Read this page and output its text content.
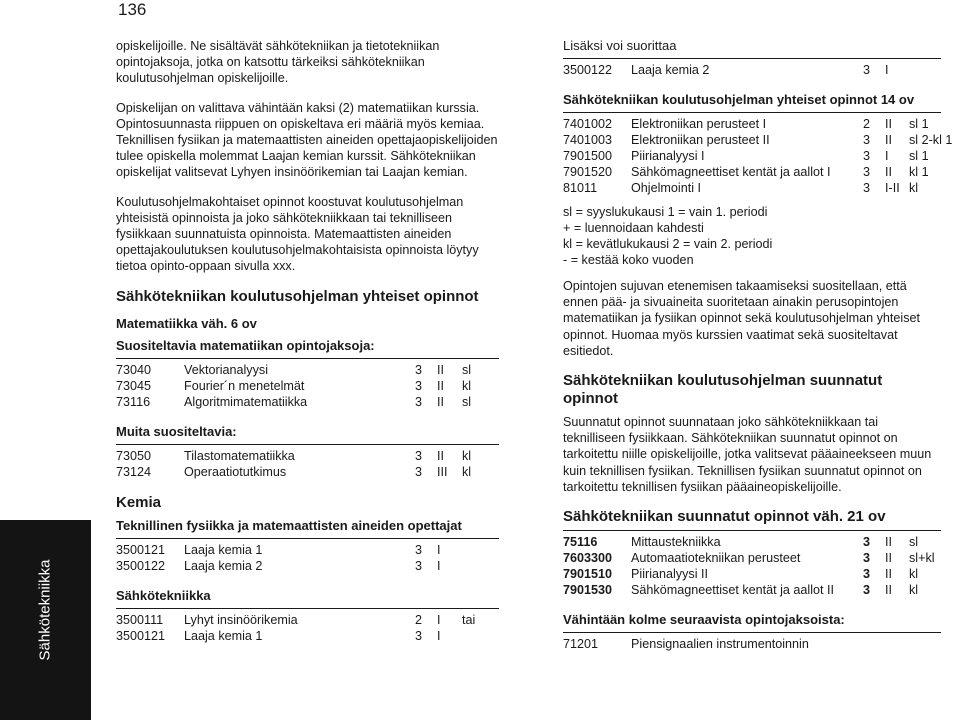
136
Sähkötekniikka

opiskelijoille. Ne sisältävät sähkötekniikan ja tietotekniikan opintojaksoja, jotka on katsottu tärkeiksi sähkötekniikan koulutusohjelman opiskelijoille.

Opiskelijan on valittava vähintään kaksi (2) matematiikan kurssia. Opintosuunnasta riippuen on opiskeltava eri määriä myös kemiaa. Teknillisen fysiikan ja matemaattisten aineiden opettajaopiskelijoiden tulee opiskella molemmat Laajan kemian kurssit. Sähkötekniikan opiskelijat valitsevat Lyhyen insinöörikemian tai Laajan kemian.

Koulutusohjelmakohtaiset opinnot koostuvat koulutusohjelman yhteisistä opinnoista ja joko sähkötekniikkaan tai teknilliseen fysiikkaan suunnatuista opinnoista. Matemaattisten aineiden opettajakoulutuksen koulutusohjelmakohtaisista opinnoista löytyy tietoa opinto-oppaan sivulla xxx.

Sähkötekniikan koulutusohjelman yhteiset opinnot
Matematiikka väh. 6 ov
Suositeltavia matematiikan opintojaksoja:
73040	Vektorianalyysi	3 II sl
73045	Fourier´n menetelmät	3 II kl
73116	Algoritmimatematiikka	3 II sl
Muita suositeltavia:
73050	Tilastomatematiikka	3 II kl
73124	Operaatiotutkimus	3 III kl
Kemia
Teknillinen fysiikka ja matemaattisten aineiden opettajat
3500121 Laaja kemia 1	3 I
3500122 Laaja kemia 2	3 I
Sähkötekniikka
3500111 Lyhyt insinöörikemia	2 I tai
3500121 Laaja kemia 1	3 I
Lisäksi voi suorittaa
3500122 Laaja kemia 2	3 I
Sähkötekniikan koulutusohjelman yhteiset opinnot 14 ov
7401002 Elektroniikan perusteet I	2 II sl 1
7401003 Elektroniikan perusteet II	3 II sl 2-kl 1
7901500 Piirianalyysi I	3 I sl 1
7901520 Sähkömagneettiset kentät ja aallot I	3 II kl 1
81011	Ohjelmointi I	3 I-II kl
sl = syyslukukausi 1 = vain 1. periodi
+ = luennoidaan kahdesti
kl = kevätlukukausi 2 = vain 2. periodi
- = kestää koko vuoden

Opintojen sujuvan etenemisen takaamiseksi suositellaan, että ennen pää- ja sivuaineita suoritetaan ainakin perusopintojen matematiikan ja fysiikan opinnot sekä koulutusohjelman yhteiset opinnot. Huomaa myös kurssien vaatimat sekä suositeltavat esitiedot.

Sähkötekniikan koulutusohjelman suunnatut opinnot

Suunnatut opinnot suunnataan joko sähkötekniikkaan tai teknilliseen fysiikkaan. Sähkötekniikan suunnatut opinnot on tarkoitettu niille opiskelijoille, jotka valitsevat pääaineekseen muun kuin teknillisen fysiikan. Teknillisen fysiikan suunnatut opinnot on tarkoitettu teknillisen fysiikan pääaineopiskelijoille.

Sähkötekniikan suunnatut opinnot väh. 21 ov
75116	Mittaustekniikka	3 II sl
7603300 Automaatiotekniikan perusteet	3 II sl+kl
7901510 Piirianalyysi II	3 II kl
7901530 Sähkömagneettiset kentät ja aallot II 3 II kl
Vähintään kolme seuraavista opintojaksoista:
71201	Piensignaalien instrumentoinnin
